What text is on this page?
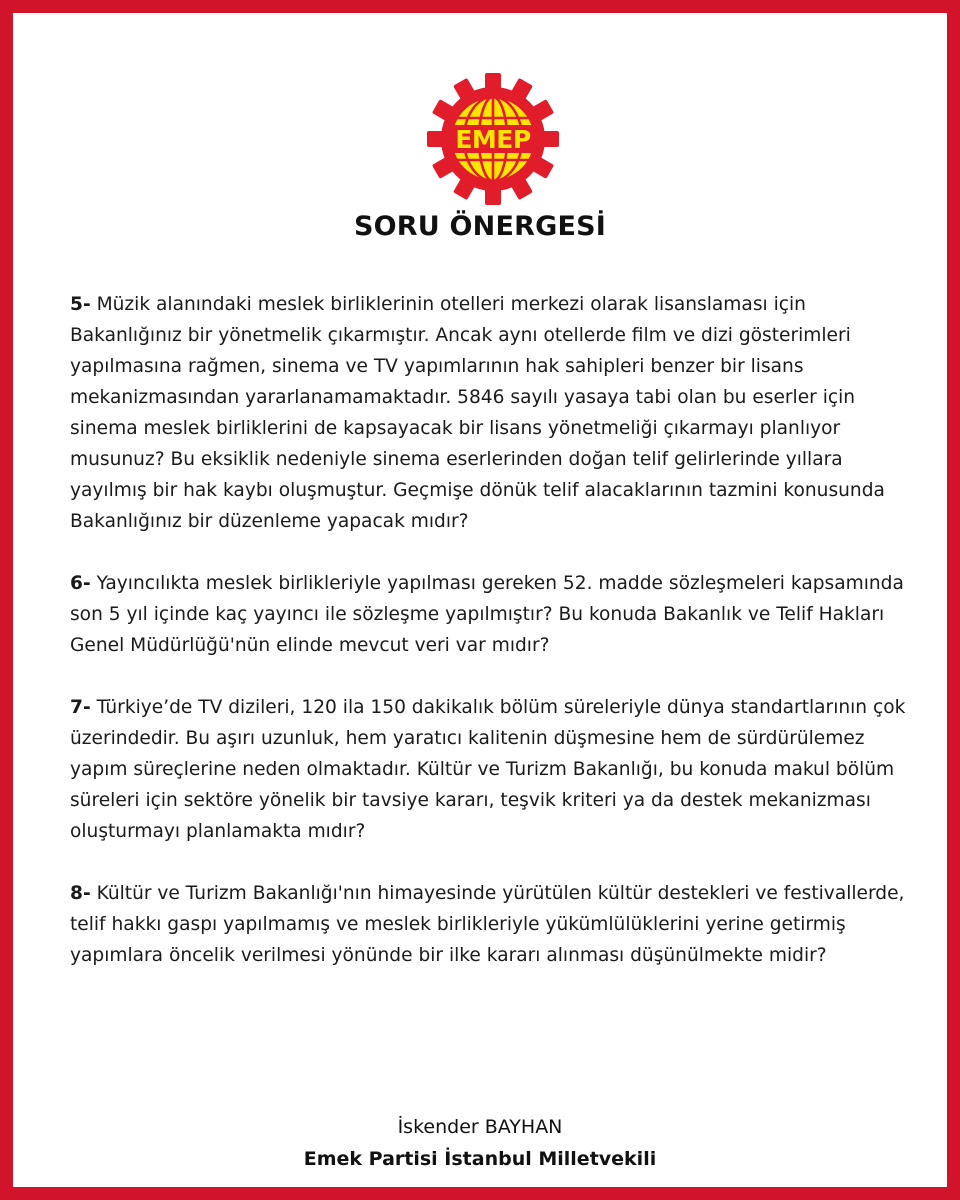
EMEP
SORU ÖNERGESİ

5- Müzik alanındaki meslek birliklerinin otelleri merkezi olarak lisanslaması için Bakanlığınız bir yönetmelik çıkarmıştır. Ancak aynı otellerde film ve dizi gösterimleri yapılmasına rağmen, sinema ve TV yapımlarının hak sahipleri benzer bir lisans mekanizmasından yararlanamamaktadır. 5846 sayılı yasaya tabi olan bu eserler için sinema meslek birliklerini de kapsayacak bir lisans yönetmeliği çıkarmayı planlıyor musunuz? Bu eksiklik nedeniyle sinema eserlerinden doğan telif gelirlerinde yıllara yayılmış bir hak kaybı oluşmuştur. Geçmişe dönük telif alacaklarının tazmini konusunda Bakanlığınız bir düzenleme yapacak mıdır?

6- Yayıncılıkta meslek birlikleriyle yapılması gereken 52. madde sözleşmeleri kapsamında son 5 yıl içinde kaç yayıncı ile sözleşme yapılmıştır? Bu konuda Bakanlık ve Telif Hakları Genel Müdürlüğü'nün elinde mevcut veri var mıdır?

7- Türkiye’de TV dizileri, 120 ila 150 dakikalık bölüm süreleriyle dünya standartlarının çok üzerindedir. Bu aşırı uzunluk, hem yaratıcı kalitenin düşmesine hem de sürdürülemez yapım süreçlerine neden olmaktadır. Kültür ve Turizm Bakanlığı, bu konuda makul bölüm süreleri için sektöre yönelik bir tavsiye kararı, teşvik kriteri ya da destek mekanizması oluşturmayı planlamakta mıdır?

8- Kültür ve Turizm Bakanlığı'nın himayesinde yürütülen kültür destekleri ve festivallerde, telif hakkı gaspı yapılmamış ve meslek birlikleriyle yükümlülüklerini yerine getirmiş yapımlara öncelik verilmesi yönünde bir ilke kararı alınması düşünülmekte midir?

İskender BAYHAN
Emek Partisi İstanbul Milletvekili
